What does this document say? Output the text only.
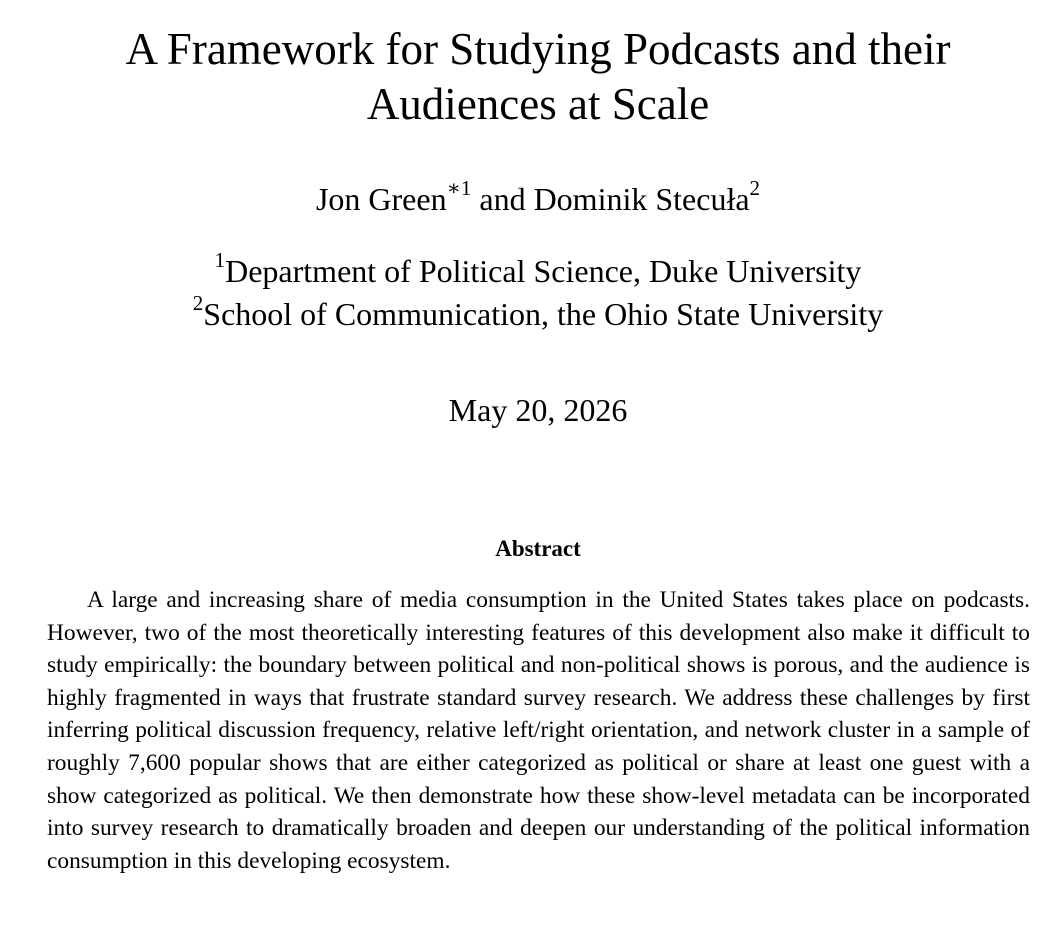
A Framework for Studying Podcasts and their
Audiences at Scale
Jon Green$^{∗1}$ and Dominik Stecuła$^2$
$^1$Department of Political Science, Duke University
$^2$School of Communication, the Ohio State University
May 20, 2026
Abstract

A large and increasing share of media consumption in the United States takes place on podcasts. However, two of the most theoretically interesting features of this development also make it difficult to study empirically: the boundary between political and non-political shows is porous, and the audience is highly fragmented in ways that frustrate standard survey research. We address these challenges by first inferring political discussion frequency, relative left/right orientation, and network cluster in a sample of roughly 7,600 popular shows that are either categorized as political or share at least one guest with a show categorized as political. We then demonstrate how these show-level metadata can be incorporated into survey research to dramatically broaden and deepen our understanding of the political information consumption in this developing ecosystem.
